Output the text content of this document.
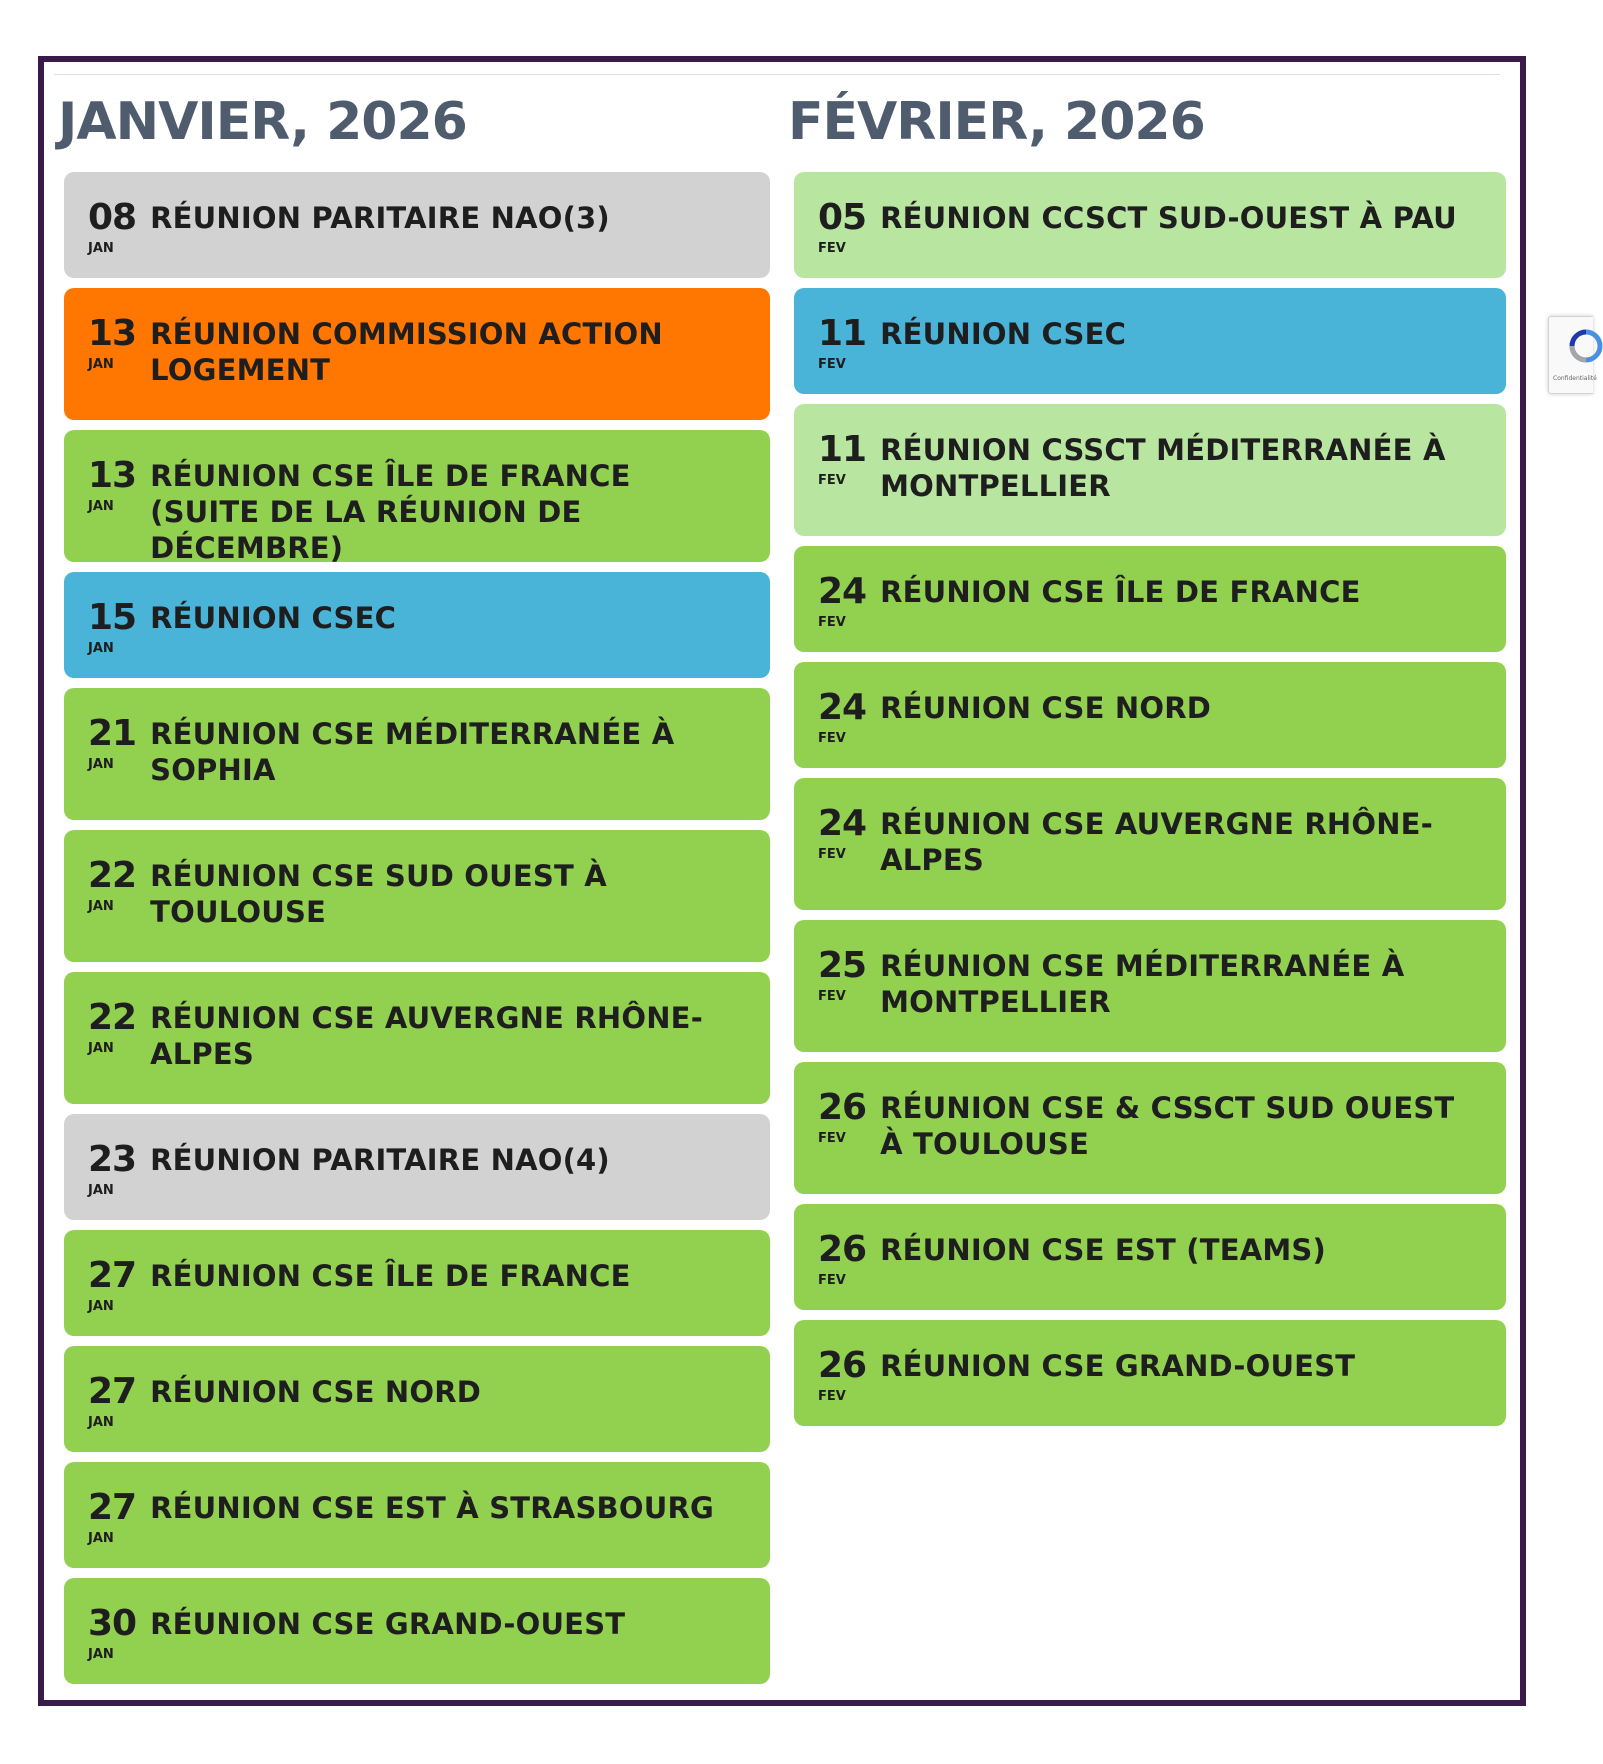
JANVIER, 2026
08
JAN
RÉUNION PARITAIRE NAO(3)
13
JAN
RÉUNION COMMISSION ACTION LOGEMENT
13
JAN
RÉUNION CSE ÎLE DE FRANCE (SUITE DE LA RÉUNION DE DÉCEMBRE)
15
JAN
RÉUNION CSEC
21
JAN
RÉUNION CSE MÉDITERRANÉE À SOPHIA
22
JAN
RÉUNION CSE SUD OUEST À TOULOUSE
22
JAN
RÉUNION CSE AUVERGNE RHÔNE-ALPES
23
JAN
RÉUNION PARITAIRE NAO(4)
27
JAN
RÉUNION CSE ÎLE DE FRANCE
27
JAN
RÉUNION CSE NORD
27
JAN
RÉUNION CSE EST À STRASBOURG
30
JAN
RÉUNION CSE GRAND-OUEST
FÉVRIER, 2026
05
FEV
RÉUNION CCSCT SUD-OUEST À PAU
11
FEV
RÉUNION CSEC
11
FEV
RÉUNION CSSCT MÉDITERRANÉE À MONTPELLIER
24
FEV
RÉUNION CSE ÎLE DE FRANCE
24
FEV
RÉUNION CSE NORD
24
FEV
RÉUNION CSE AUVERGNE RHÔNE-ALPES
25
FEV
RÉUNION CSE MÉDITERRANÉE À MONTPELLIER
26
FEV
RÉUNION CSE & CSSCT SUD OUEST À TOULOUSE
26
FEV
RÉUNION CSE EST (TEAMS)
26
FEV
RÉUNION CSE GRAND-OUEST
Confidentialité
